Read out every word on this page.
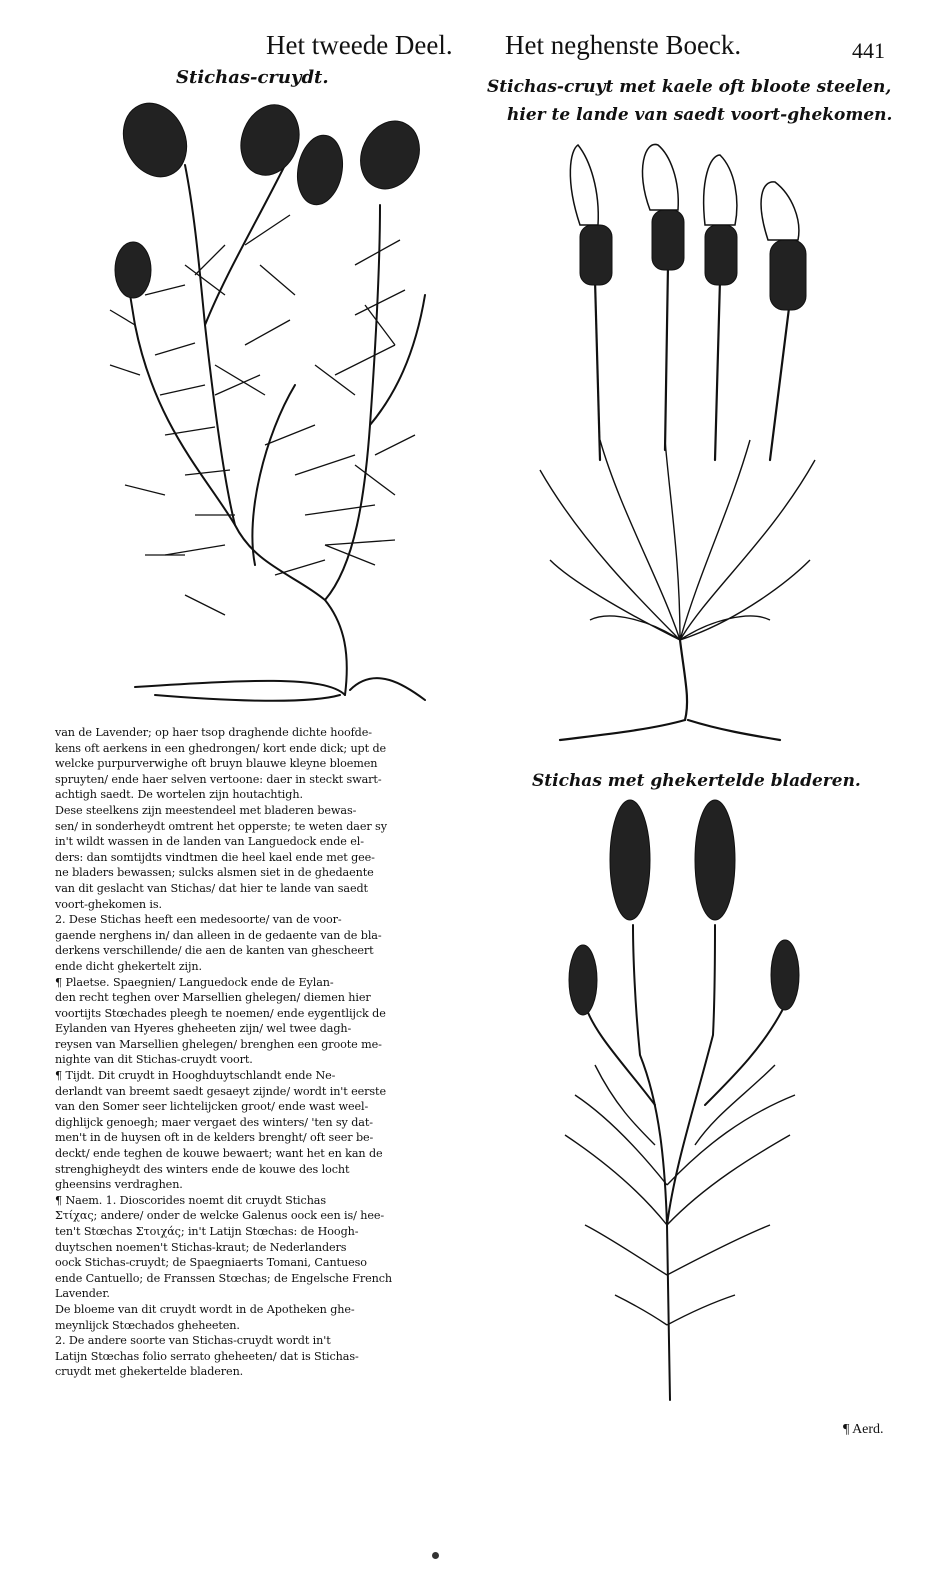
Het tweede Deel. Het neghenste Boeck.	441
Stichas-cruydt.	Stichas-cruyt met kaele oft bloote steelen,
hier te lande van saedt voort-ghekomen.
Stichas met ghekertelde bladeren.
van de Lavender; op haer tsop draghende dichte hoofde-
kens oft aerkens in een ghedrongen/ kort ende dick; upt de
welcke purpurverwighe oft bruyn blauwe kleyne bloemen
spruyten/ ende haer selven vertoone: daer in steckt swart-
achtigh saedt. De wortelen zijn houtachtigh.
Dese steelkens zijn meestendeel met bladeren bewas-
sen/ in sonderheydt omtrent het opperste; te weten daer sy
in't wildt wassen in de landen van Languedock ende el-
ders: dan somtijdts vindtmen die heel kael ende met gee-
ne bladers bewassen; sulcks alsmen siet in de ghedaente
van dit geslacht van Stichas/ dat hier te lande van saedt
voort-ghekomen is.
2. Dese Stichas heeft een medesoorte/ van de voor-
gaende nerghens in/ dan alleen in de gedaente van de bla-
derkens verschillende/ die aen de kanten van ghescheert
ende dicht ghekertelt zijn.
¶ Plaetse. Spaegnien/ Languedock ende de Eylan-
den recht teghen over Marsellien ghelegen/ diemen hier
voortijts Stœchades pleegh te noemen/ ende eygentlijck de
Eylanden van Hyeres gheheeten zijn/ wel twee dagh-
reysen van Marsellien ghelegen/ brenghen een groote me-
nighte van dit Stichas-cruydt voort.
¶ Tijdt. Dit cruydt in Hooghduytschlandt ende Ne-
derlandt van breemt saedt gesaeyt zijnde/ wordt in't eerste
van den Somer seer lichtelijcken groot/ ende wast weel-
dighlijck genoegh; maer vergaet des winters/ 'ten sy dat-
men't in de huysen oft in de kelders brenght/ oft seer be-
deckt/ ende teghen de kouwe bewaert; want het en kan de
strenghigheydt des winters ende de kouwe des locht
gheensins verdraghen.
¶ Naem. 1. Dioscorides noemt dit cruydt Stichas
Στίχας; andere/ onder de welcke Galenus oock een is/ hee-
ten't Stœchas Στοιχάς; in't Latijn Stœchas: de Hoogh-
duytschen noemen't Stichas-kraut; de Nederlanders
oock Stichas-cruydt; de Spaegniaerts Tomani, Cantueso
ende Cantuello; de Franssen Stœchas; de Engelsche French
Lavender.
De bloeme van dit cruydt wordt in de Apotheken ghe-
meynlijck Stœchados gheheeten.
2. De andere soorte van Stichas-cruydt wordt in't
Latijn Stœchas folio serrato gheheeten/ dat is Stichas-
cruydt met ghekertelde bladeren.
¶ Aerd.
